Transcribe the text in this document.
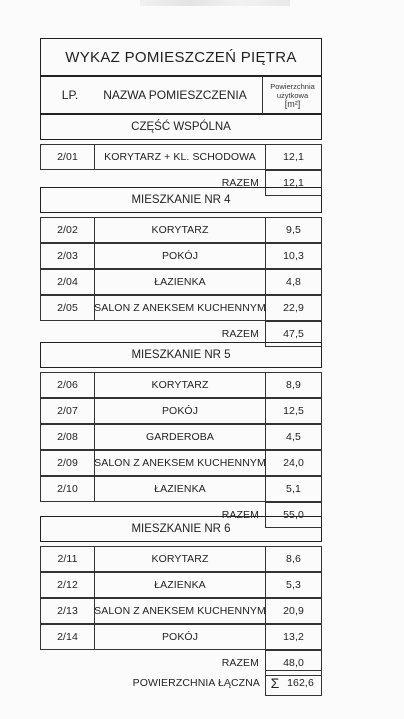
WYKAZ POMIESZCZEŃ PIĘTRA
LP.	NAZWA POMIESZCZENIA
Powierzchnia
użytkowa
[m²]
CZĘŚĆ WSPÓLNA
2/01	KORYTARZ + KL. SCHODOWA	12,1
RAZEM	12,1
MIESZKANIE NR 4
2/02	KORYTARZ	9,5
2/03	POKÓJ	10,3
2/04	ŁAZIENKA	4,8
2/05	SALON Z ANEKSEM KUCHENNYM	22,9
RAZEM	47,5
MIESZKANIE NR 5
2/06	KORYTARZ	8,9
2/07	POKÓJ	12,5
2/08	GARDEROBA	4,5
2/09	SALON Z ANEKSEM KUCHENNYM	24,0
2/10	ŁAZIENKA	5,1
RAZEM	55,0
MIESZKANIE NR 6
2/11	KORYTARZ	8,6
2/12	ŁAZIENKA	5,3
2/13	SALON Z ANEKSEM KUCHENNYM	20,9
2/14	POKÓJ	13,2
RAZEM	48,0
POWIERZCHNIA ŁĄCZNA Σ 162,6
